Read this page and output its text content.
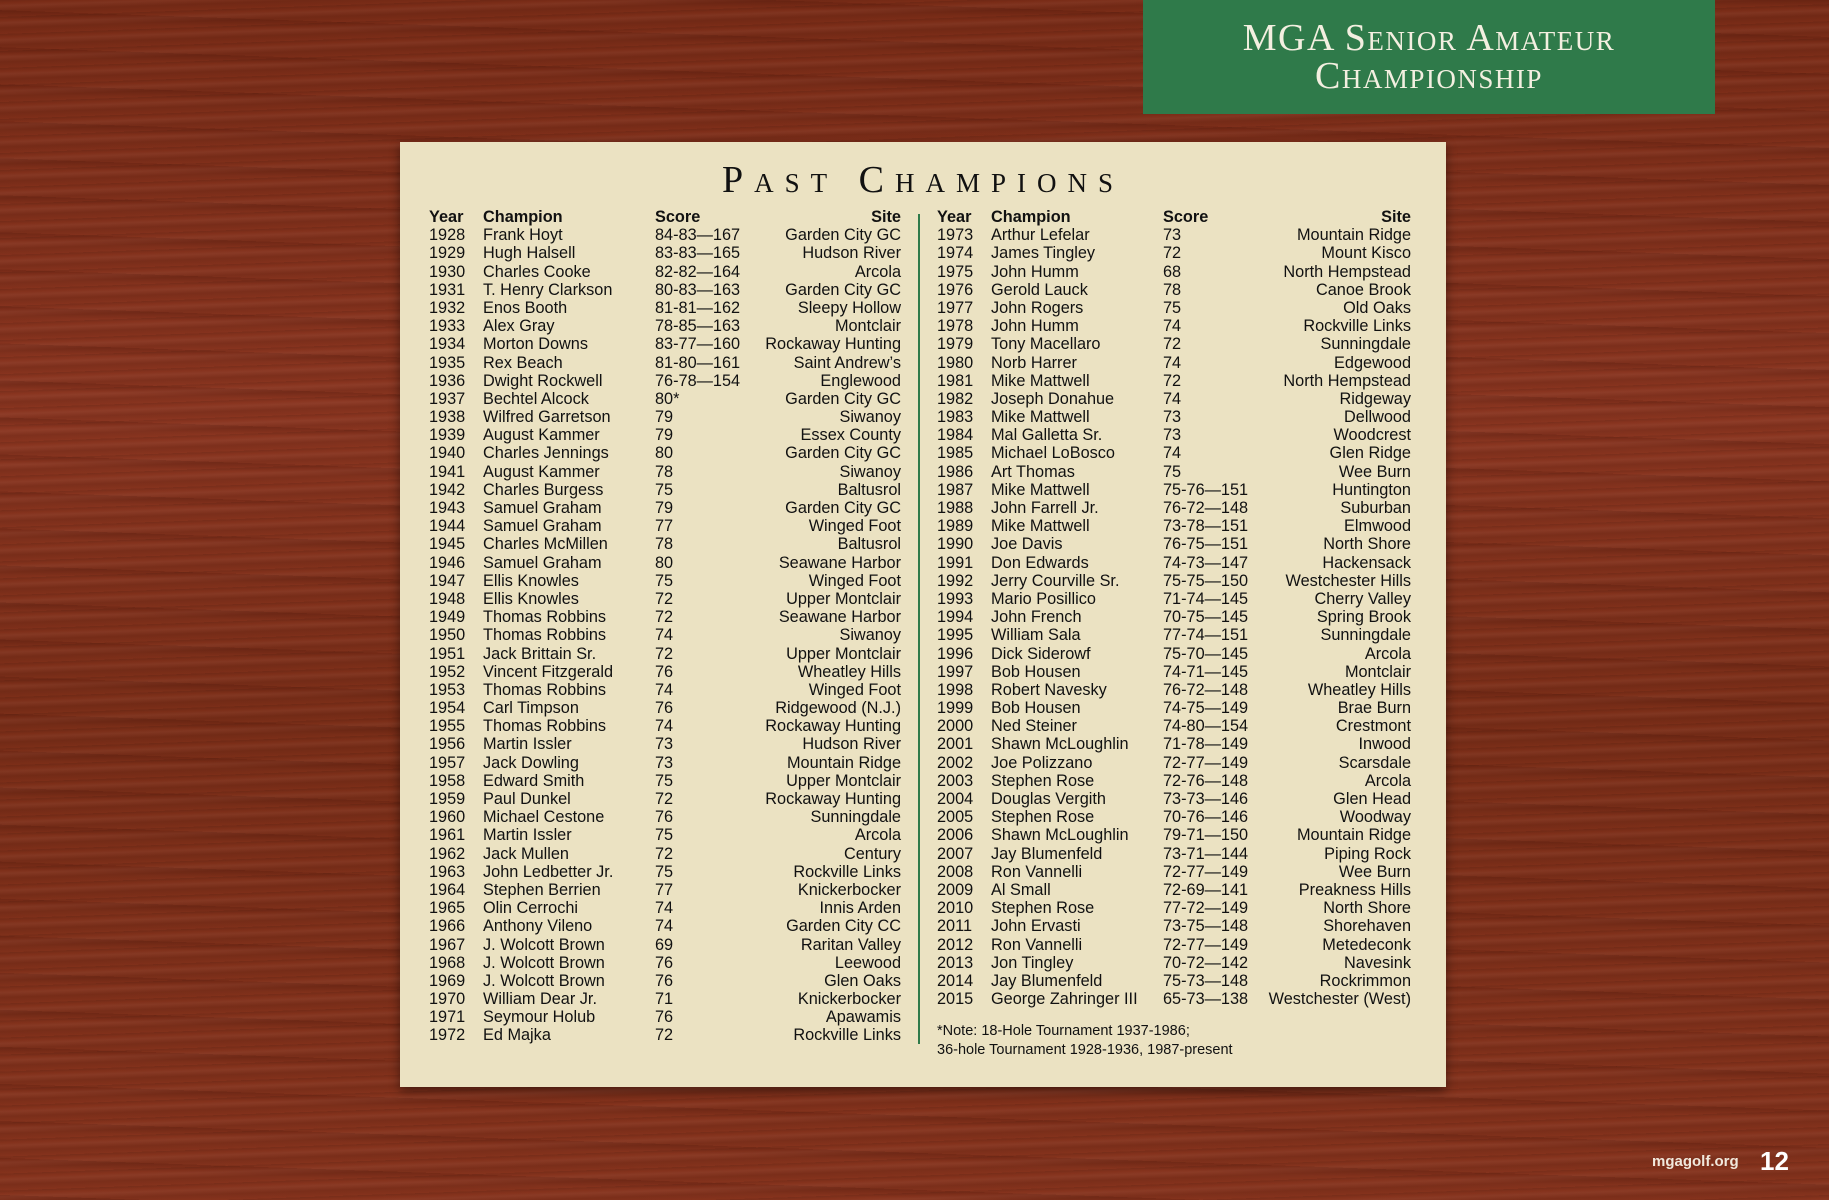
MGA Senior Amateur
Championship
Past Champions
Year Champion	Score	Site
1928 Frank Hoyt	84-83—167	Garden City GC
1929 Hugh Halsell	83-83—165	Hudson River
1930 Charles Cooke	82-82—164	Arcola
1931 T. Henry Clarkson	80-83—163	Garden City GC
1932 Enos Booth	81-81—162	Sleepy Hollow
1933 Alex Gray	78-85—163	Montclair
1934 Morton Downs	83-77—160 Rockaway Hunting
1935 Rex Beach	81-80—161	Saint Andrew’s
1936 Dwight Rockwell	76-78—154	Englewood
1937 Bechtel Alcock	80*	Garden City GC
1938 Wilfred Garretson	79	Siwanoy
1939 August Kammer	79	Essex County
1940 Charles Jennings	80	Garden City GC
1941 August Kammer	78	Siwanoy
1942 Charles Burgess	75	Baltusrol
1943 Samuel Graham	79	Garden City GC
1944 Samuel Graham	77	Winged Foot
1945 Charles McMillen	78	Baltusrol
1946 Samuel Graham	80	Seawane Harbor
1947 Ellis Knowles	75	Winged Foot
1948 Ellis Knowles	72	Upper Montclair
1949 Thomas Robbins	72	Seawane Harbor
1950 Thomas Robbins	74	Siwanoy
1951 Jack Brittain Sr.	72	Upper Montclair
1952 Vincent Fitzgerald	76	Wheatley Hills
1953 Thomas Robbins	74	Winged Foot
1954 Carl Timpson	76	Ridgewood (N.J.)
1955 Thomas Robbins	74	Rockaway Hunting
1956 Martin Issler	73	Hudson River
1957 Jack Dowling	73	Mountain Ridge
1958 Edward Smith	75	Upper Montclair
1959 Paul Dunkel	72	Rockaway Hunting
1960 Michael Cestone	76	Sunningdale
1961 Martin Issler	75	Arcola
1962 Jack Mullen	72	Century
1963 John Ledbetter Jr.	75	Rockville Links
1964 Stephen Berrien	77	Knickerbocker
1965 Olin Cerrochi	74	Innis Arden
1966 Anthony Vileno	74	Garden City CC
1967 J. Wolcott Brown	69	Raritan Valley
1968 J. Wolcott Brown	76	Leewood
1969 J. Wolcott Brown	76	Glen Oaks
1970 William Dear Jr.	71	Knickerbocker
1971 Seymour Holub	76	Apawamis
1972 Ed Majka	72	Rockville Links
Year Champion	Score	Site
1973 Arthur Lefelar	73	Mountain Ridge
1974 James Tingley	72	Mount Kisco
1975 John Humm	68	North Hempstead
1976 Gerold Lauck	78	Canoe Brook
1977 John Rogers	75	Old Oaks
1978 John Humm	74	Rockville Links
1979 Tony Macellaro	72	Sunningdale
1980 Norb Harrer	74	Edgewood
1981 Mike Mattwell	72	North Hempstead
1982 Joseph Donahue	74	Ridgeway
1983 Mike Mattwell	73	Dellwood
1984 Mal Galletta Sr.	73	Woodcrest
1985 Michael LoBosco	74	Glen Ridge
1986 Art Thomas	75	Wee Burn
1987 Mike Mattwell	75-76—151	Huntington
1988 John Farrell Jr.	76-72—148	Suburban
1989 Mike Mattwell	73-78—151	Elmwood
1990 Joe Davis	76-75—151	North Shore
1991 Don Edwards	74-73—147	Hackensack
1992 Jerry Courville Sr.	75-75—150 Westchester Hills
1993 Mario Posillico	71-74—145	Cherry Valley
1994 John French	70-75—145	Spring Brook
1995 William Sala	77-74—151	Sunningdale
1996 Dick Siderowf	75-70—145	Arcola
1997 Bob Housen	74-71—145	Montclair
1998 Robert Navesky	76-72—148	Wheatley Hills
1999 Bob Housen	74-75—149	Brae Burn
2000 Ned Steiner	74-80—154	Crestmont
2001 Shawn McLoughlin 71-78—149	Inwood
2002 Joe Polizzano	72-77—149	Scarsdale
2003 Stephen Rose	72-76—148	Arcola
2004 Douglas Vergith	73-73—146	Glen Head
2005 Stephen Rose	70-76—146	Woodway
2006 Shawn McLoughlin 79-71—150	Mountain Ridge
2007 Jay Blumenfeld	73-71—144	Piping Rock
2008 Ron Vannelli	72-77—149	Wee Burn
2009 Al Small	72-69—141	Preakness Hills
2010 Stephen Rose	77-72—149	North Shore
2011 John Ervasti	73-75—148	Shorehaven
2012 Ron Vannelli	72-77—149	Metedeconk
2013 Jon Tingley	70-72—142	Navesink
2014 Jay Blumenfeld	75-73—148	Rockrimmon
2015 George Zahringer III 65-73—138 Westchester (West)
*Note: 18-Hole Tournament 1937-1986;
36-hole Tournament 1928-1936, 1987-present
mgagolf.org 12
